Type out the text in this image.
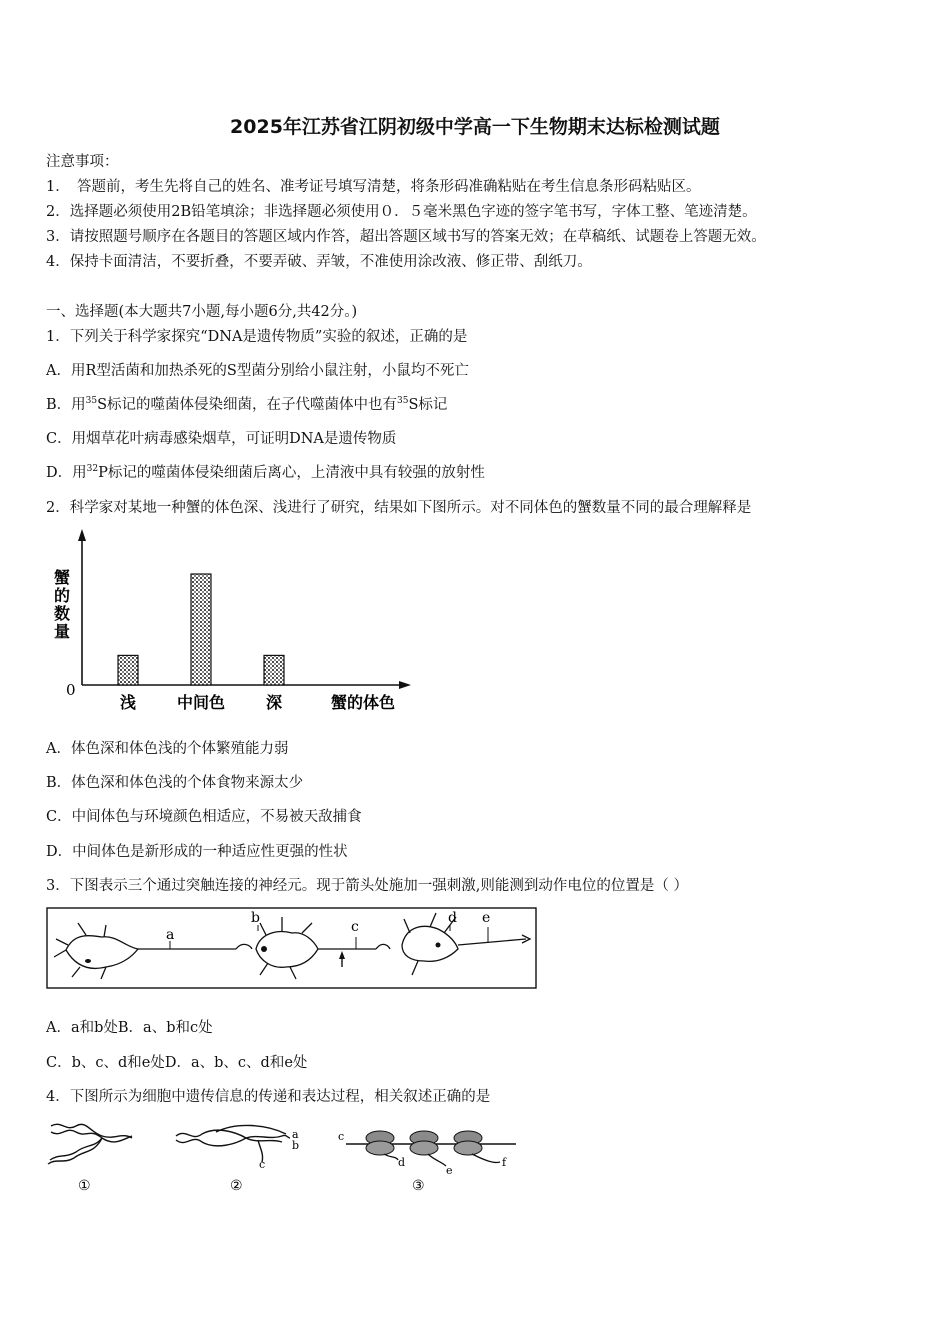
2025年江苏省江阴初级中学高一下生物期末达标检测试题
注意事项：
1．　答题前，考生先将自己的姓名、准考证号填写清楚，将条形码准确粘贴在考生信息条形码粘贴区。
2．选择题必须使用2B铅笔填涂；非选择题必须使用０．５毫米黑色字迹的签字笔书写，字体工整、笔迹清楚。
3．请按照题号顺序在各题目的答题区域内作答，超出答题区域书写的答案无效；在草稿纸、试题卷上答题无效。
4．保持卡面清洁，不要折叠，不要弄破、弄皱，不准使用涂改液、修正带、刮纸刀。
一、选择题(本大题共7小题,每小题6分,共42分。)
1．下列关于科学家探究“DNA是遗传物质”实验的叙述，正确的是
A．用R型活菌和加热杀死的S型菌分别给小鼠注射，小鼠均不死亡
B．用$^{35}$S标记的噬菌体侵染细菌，在子代噬菌体中也有$^{35}$S标记
C．用烟草花叶病毒感染烟草，可证明DNA是遗传物质
D．用$^{32}$P标记的噬菌体侵染细菌后离心，上清液中具有较强的放射性
2．科学家对某地一种蟹的体色深、浅进行了研究，结果如下图所示。对不同体色的蟹数量不同的最合理解释是
浅	中间色	深
蟹的数量
0
蟹的体色
A．体色深和体色浅的个体繁殖能力弱
B．体色深和体色浅的个体食物来源太少
C．中间体色与环境颜色相适应，不易被天敌捕食
D．中间体色是新形成的一种适应性更强的性状
3．下图表示三个通过突触连接的神经元。现于箭头处施加一强刺激,则能测到动作电位的位置是（ ）
a
b
c
d e
A．a和b处B．a、b和c处
C．b、c、d和e处D．a、b、c、d和e处
4．下图所示为细胞中遗传信息的传递和表达过程，相关叙述正确的是
a
b
c
c
d
e
f
①	②	③
